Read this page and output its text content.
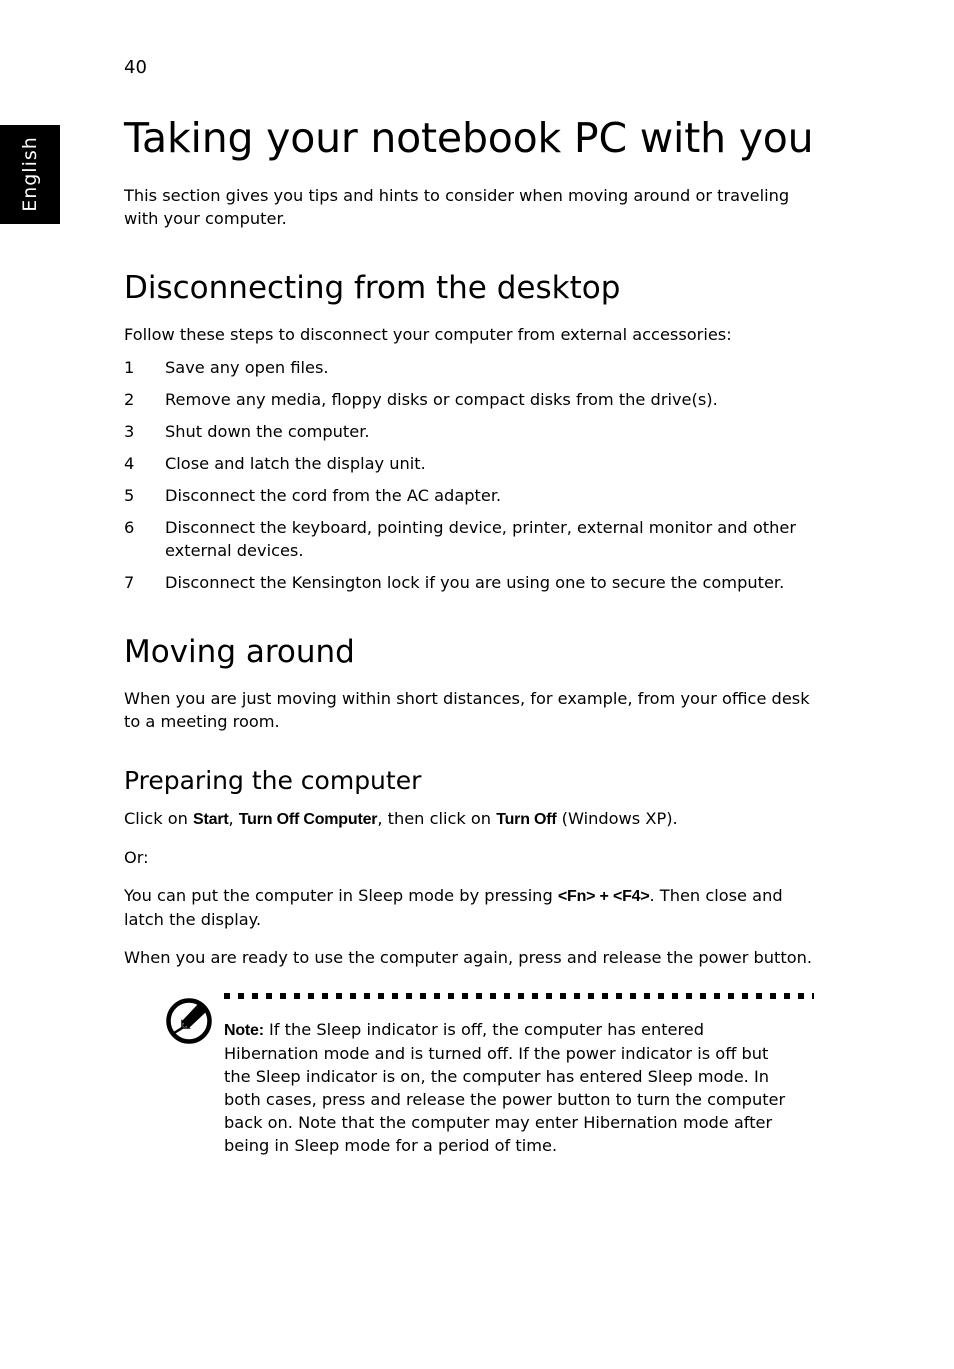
40
English Taking your notebook PC with you

This section gives you tips and hints to consider when moving around or traveling with your computer.

Disconnecting from the desktop

Follow these steps to disconnect your computer from external accessories:

1	Save any open files.
2	Remove any media, floppy disks or compact disks from the drive(s).
3	Shut down the computer.
4	Close and latch the display unit.
5	Disconnect the cord from the AC adapter.
6	Disconnect the keyboard, pointing device, printer, external monitor and other external devices.
7	Disconnect the Kensington lock if you are using one to secure the computer.
Moving around

When you are just moving within short distances, for example, from your office desk to a meeting room.

Preparing the computer

Click on Start, Turn Off Computer, then click on Turn Off (Windows XP).

Or:

You can put the computer in Sleep mode by pressing <Fn> + <F4>. Then close and latch the display.

When you are ready to use the computer again, press and release the power button.

Note: If the Sleep indicator is off, the computer has entered Hibernation mode and is turned off. If the power indicator is off but the Sleep indicator is on, the computer has entered Sleep mode. In both cases, press and release the power button to turn the computer back on. Note that the computer may enter Hibernation mode after being in Sleep mode for a period of time.
